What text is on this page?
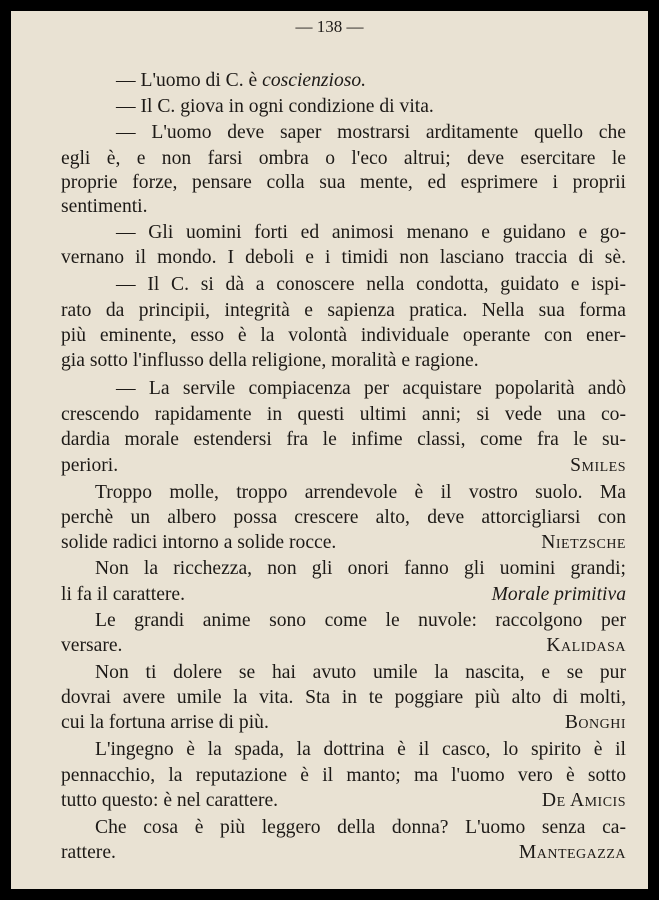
— 138 —
— L'uomo di C. è coscienzioso.
— Il C. giova in ogni condizione di vita.
— L'uomo deve saper mostrarsi arditamente quello che
egli è, e non farsi ombra o l'eco altrui; deve esercitare le
proprie forze, pensare colla sua mente, ed esprimere i proprii
sentimenti.
— Gli uomini forti ed animosi menano e guidano e go-
vernano il mondo. I deboli e i timidi non lasciano traccia di sè.
— Il C. si dà a conoscere nella condotta, guidato e ispi-
rato da principii, integrità e sapienza pratica. Nella sua forma
più eminente, esso è la volontà individuale operante con ener-
gia sotto l'influsso della religione, moralità e ragione.
— La servile compiacenza per acquistare popolarità andò
crescendo rapidamente in questi ultimi anni; si vede una co-
dardia morale estendersi fra le infime classi, come fra le su-
periori.	Smiles
Troppo molle, troppo arrendevole è il vostro suolo. Ma
perchè un albero possa crescere alto, deve attorcigliarsi con
solide radici intorno a solide rocce.	Nietzsche
Non la ricchezza, non gli onori fanno gli uomini grandi;
li fa il carattere.	Morale primitiva
Le grandi anime sono come le nuvole: raccolgono per
versare.	Kalidasa
Non ti dolere se hai avuto umile la nascita, e se pur
dovrai avere umile la vita. Sta in te poggiare più alto di molti,
cui la fortuna arrise di più.	Bonghi
L'ingegno è la spada, la dottrina è il casco, lo spirito è il
pennacchio, la reputazione è il manto; ma l'uomo vero è sotto
tutto questo: è nel carattere.	De Amicis
Che cosa è più leggero della donna? L'uomo senza ca-
rattere.	Mantegazza
